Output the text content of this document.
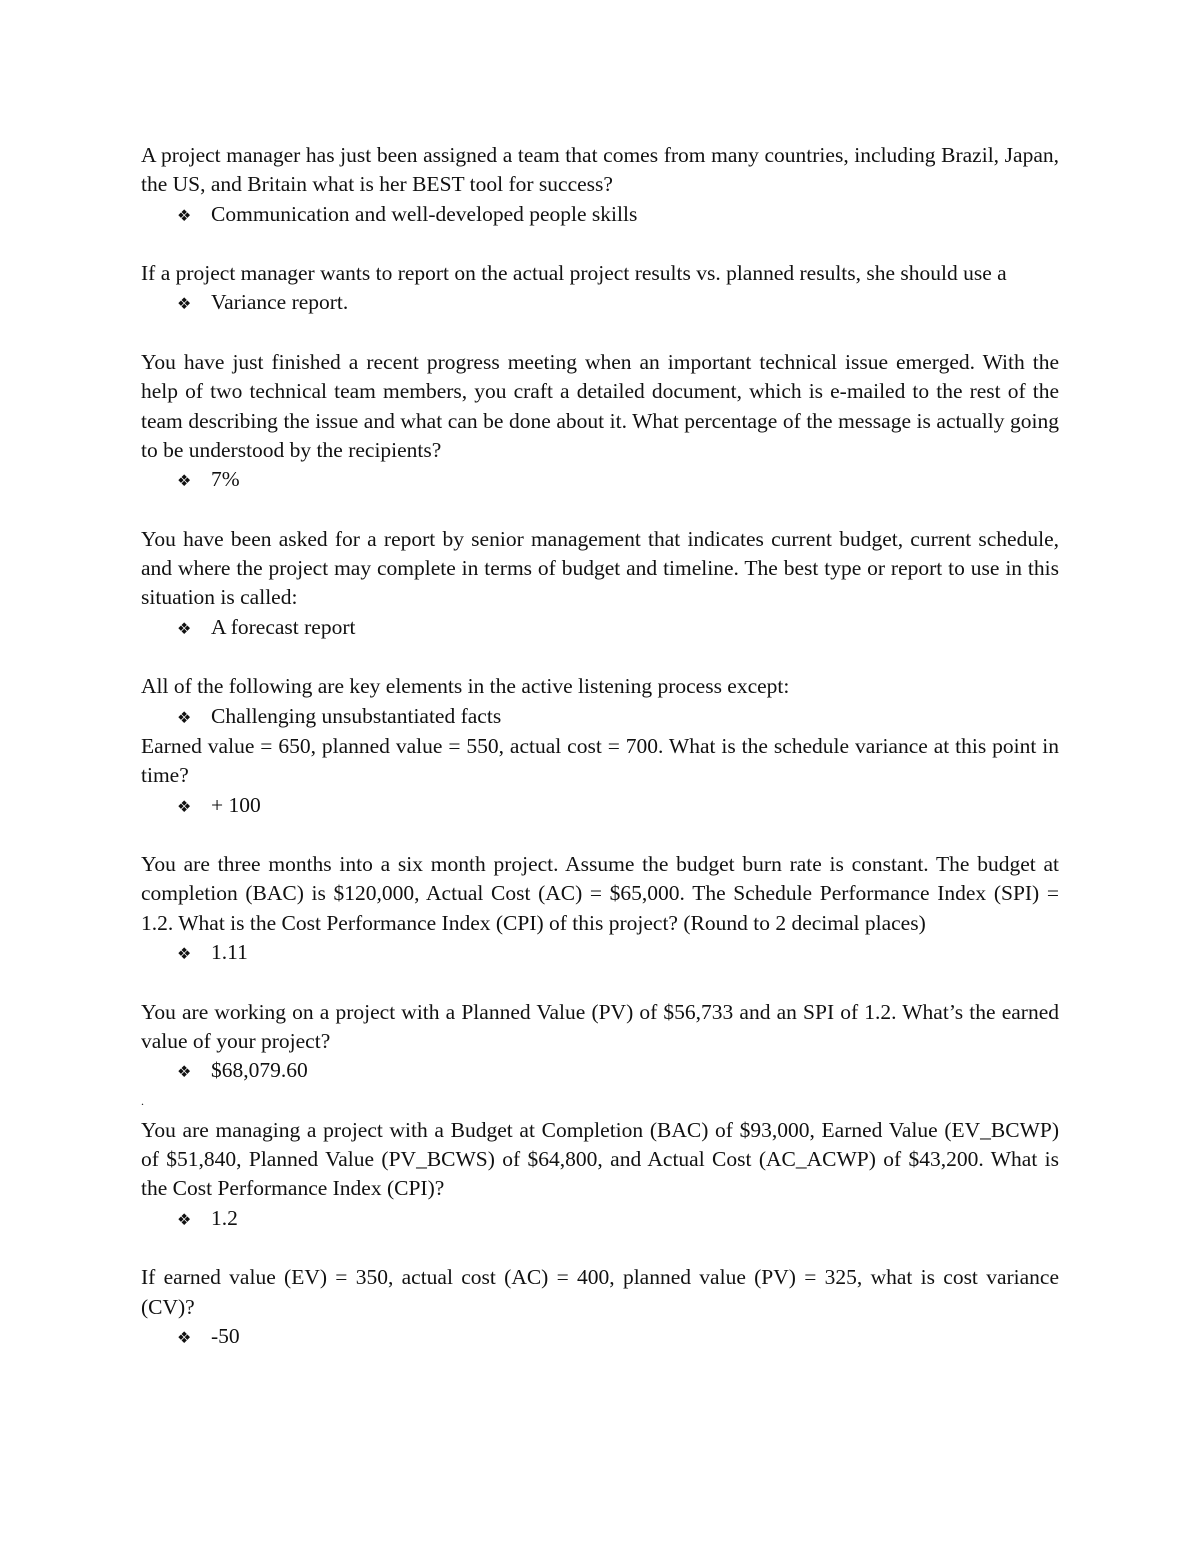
A project manager has just been assigned a team that comes from many countries, including Brazil, Japan, the US, and Britain what is her BEST tool for success?

❖ Communication and well-developed people skills

If a project manager wants to report on the actual project results vs. planned results, she should use a

❖ Variance report.

You have just finished a recent progress meeting when an important technical issue emerged. With the help of two technical team members, you craft a detailed document, which is e-mailed to the rest of the team describing the issue and what can be done about it. What percentage of the message is actually going to be understood by the recipients?

❖ 7%

You have been asked for a report by senior management that indicates current budget, current schedule, and where the project may complete in terms of budget and timeline. The best type or report to use in this situation is called:

❖ A forecast report

All of the following are key elements in the active listening process except:

❖ Challenging unsubstantiated facts

Earned value = 650, planned value = 550, actual cost = 700. What is the schedule variance at this point in time?

❖ + 100

You are three months into a six month project. Assume the budget burn rate is constant. The budget at completion (BAC) is $120,000, Actual Cost (AC) = $65,000. The Schedule Performance Index (SPI) = 1.2. What is the Cost Performance Index (CPI) of this project? (Round to 2 decimal places)

❖ 1.11

You are working on a project with a Planned Value (PV) of $56,733 and an SPI of 1.2. What’s the earned value of your project?

❖ $68,079.60

.

You are managing a project with a Budget at Completion (BAC) of $93,000, Earned Value (EV_BCWP) of $51,840, Planned Value (PV_BCWS) of $64,800, and Actual Cost (AC_ACWP) of $43,200. What is the Cost Performance Index (CPI)?

❖ 1.2

If earned value (EV) = 350, actual cost (AC) = 400, planned value (PV) = 325, what is cost variance (CV)?

❖ -50
